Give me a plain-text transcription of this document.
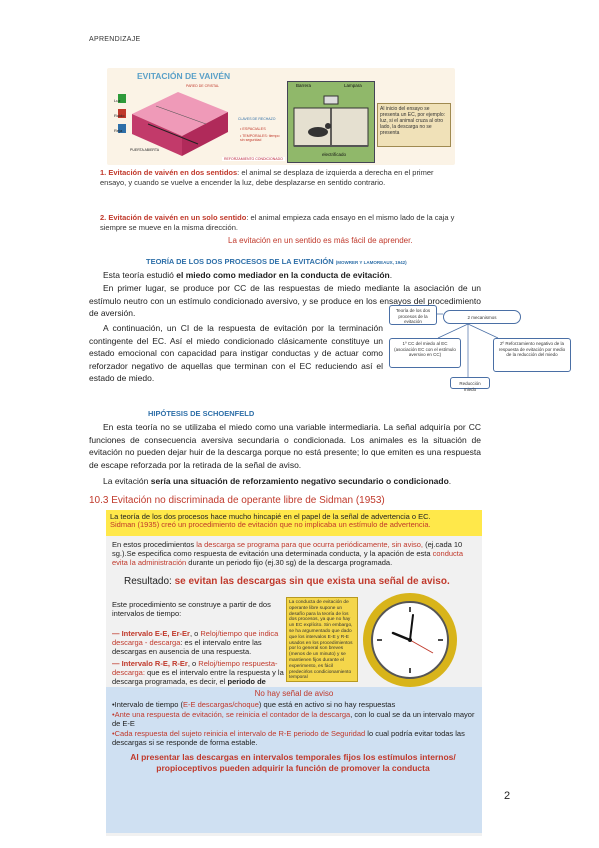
APRENDIZAJE
EVITACIÓN DE VAIVÉN
Luz
Ruido
Reja
PARED DE CRISTAL
PUERTA ABIERTA
CLAVES DE RECHAZO
• ESPACIALES
• TEMPORALES: tiempo sin seguridad
REFORZAMIENTO CONDICIONADO
Barrera	Lampara
electrificado
Al inicio del ensayo se presenta un EC, por ejemplo: luz, si el animal cruza al otro lado, la descarga no se presenta
1. Evitación de vaivén en dos sentidos: el animal se desplaza de izquierda a derecha en el primer ensayo, y cuando se vuelve a encender la luz, debe desplazarse en sentido contrario.
2. Evitación de vaivén en un solo sentido: el animal empieza cada ensayo en el mismo lado de la caja y siempre se mueve en la misma dirección.
La evitación en un sentido es más fácil de aprender.
TEORÍA DE LOS DOS PROCESOS DE LA EVITACIÓN (MOWRER Y LAMOREAUX, 1942)
Esta teoría estudió el miedo como mediador en la conducta de evitación.
En primer lugar, se produce por CC de las respuestas de miedo mediante la asociación de un estímulo neutro con un estímulo condicionado aversivo, y se produce en los ensayos del procedimiento de aversión.
A continuación, un CI de la respuesta de evitación por la terminación contingente del EC. Así el miedo condicionado clásicamente constituye un estado emocional con capacidad para instigar conductas y de actuar como reforzador negativo de aquellas que terminan con el EC reduciendo así el estado de miedo.
Teoría de los dos procesos de la evitación
2 mecanismos
1º CC del miedo al EC (asociación EC con el estímulo aversivo en CC)
2º Reforzamiento negativo de la respuesta de evitación por medio de la reducción del miedo
Reducción miedo
HIPÓTESIS DE SCHOENFELD
En esta teoría no se utilizaba el miedo como una variable intermediaria. La señal adquiría por CC funciones de consecuencia aversiva secundaria o condicionada. Los animales es la situación de evitación no pueden dejar huir de la descarga porque no está presente; lo que emiten es una respuesta de escape reforzada por la retirada de la señal de aviso.
La evitación sería una situación de reforzamiento negativo secundario o condicionado.
10.3 Evitación no discriminada de operante libre de Sidman (1953)
La teoría de los dos procesos hace mucho hincapié en el papel de la señal de advertencia o EC.
Sidman (1935) creó un procedimiento de evitación que no implicaba un estímulo de advertencia.
En estos procedimientos la descarga se programa para que ocurra periódicamente, sin aviso, (ej.cada 10 sg.).Se especifica como respuesta de evitación una determinada conducta, y la apación de esta conducta evita la administración durante un periodo fijo (ej.30 sg) de la descarga programada.
Resultado: se evitan las descargas sin que exista una señal de aviso.
Este procedimiento se construye a partir de dos intervalos de tiempo:
— Intervalo E-E, Er-Er, o Reloj/tiempo que indica descarga - descarga: es el intervalo entre las descargas en ausencia de una respuesta.
— Intervalo R-E, R-Er, o Reloj/tiempo respuesta- descarga: que es el intervalo entre la respuesta y la descarga programada, es decir, el periodo de
La conducta de evitación de operante libre supone un desafío para la teoría de los dos procesos, ya que no hay un EC explícito. Sin embargo, se ha argumentado que dado que los intervalos E-E y R-E usados en los procedimientos por lo general son breves (menos de un minuto) y se mantienen fijos durante el experimento, es fácil predecirlos condicionamiento temporal
No hay señal de aviso
•Intervalo de tiempo (E-E descargas/choque) que está en activo si no hay respuestas
•Ante una respuesta de evitación, se reinicia el contador de la descarga, con lo cual se da un intervalo mayor de E-E
•Cada respuesta del sujeto reinicia el intervalo de R-E periodo de Seguridad lo cual podría evitar todas las descargas si se responde de forma estable.
Al presentar las descargas en intervalos temporales fijos los estímulos internos/ propioceptivos pueden adquirir la función de promover la conducta
2
